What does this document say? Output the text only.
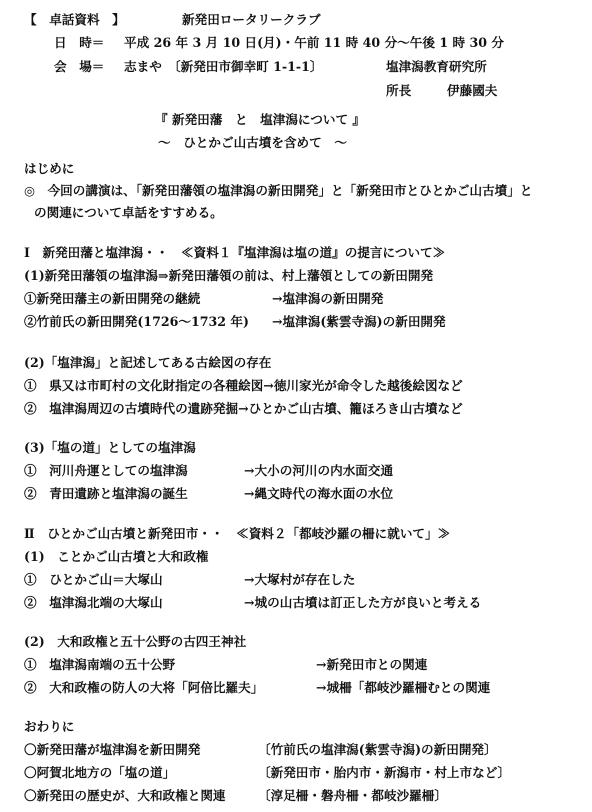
【　卓話資料　】	新発田ロータリークラブ
日　時＝ 平成 26 年 3 月 10 日(月)・午前 11 時 40 分〜午後 1 時 30 分
会　場＝ 志まや 〔新発田市御幸町 1-1-1〕	塩津潟教育研究所
所長	伊藤國夫
『 新発田藩　と　塩津潟について 』
〜　ひとかご山古墳を含めて　〜
はじめに
◎　今回の講演は、「新発田藩領の塩津潟の新田開発」と「新発田市とひとかご山古墳」と
の関連について卓話をすすめる。
Ⅰ　新発田藩と塩津潟・・　≪資料１『塩津潟は塩の道』の提言について≫
(1)新発田藩領の塩津潟⇒新発田藩領の前は、村上藩領としての新田開発
①新発田藩主の新田開発の継続	→塩津潟の新田開発
②竹前氏の新田開発(1726〜1732 年) →塩津潟(紫雲寺潟)の新田開発
(2)「塩津潟」と記述してある古絵図の存在
①　県又は市町村の文化財指定の各種絵図→徳川家光が命令した越後絵図など
②　塩津潟周辺の古墳時代の遺跡発掘→ひとかご山古墳、籠ほろき山古墳など
(3)「塩の道」としての塩津潟
①　河川舟運としての塩津潟	→大小の河川の内水面交通
②　青田遺跡と塩津潟の誕生	→縄文時代の海水面の水位
Ⅱ　ひとかご山古墳と新発田市・・　≪資料２「都岐沙羅の柵に就いて」≫
(1)　ことかご山古墳と大和政権
①　ひとかご山＝大塚山	→大塚村が存在した
②　塩津潟北端の大塚山	→城の山古墳は訂正した方が良いと考える
(2)　大和政権と五十公野の古四王神社
①　塩津潟南端の五十公野	→新発田市との関連
②　大和政権の防人の大将「阿倍比羅夫」	→城柵「都岐沙羅柵むとの関連
おわりに
〇新発田藩が塩津潟を新田開発	〔竹前氏の塩津潟(紫雲寺潟)の新田開発〕
〇阿賀北地方の「塩の道」	〔新発田市・胎内市・新潟市・村上市など〕
〇新発田の歴史が、大和政権と関連	〔淳足柵・磐舟柵・都岐沙羅柵〕
